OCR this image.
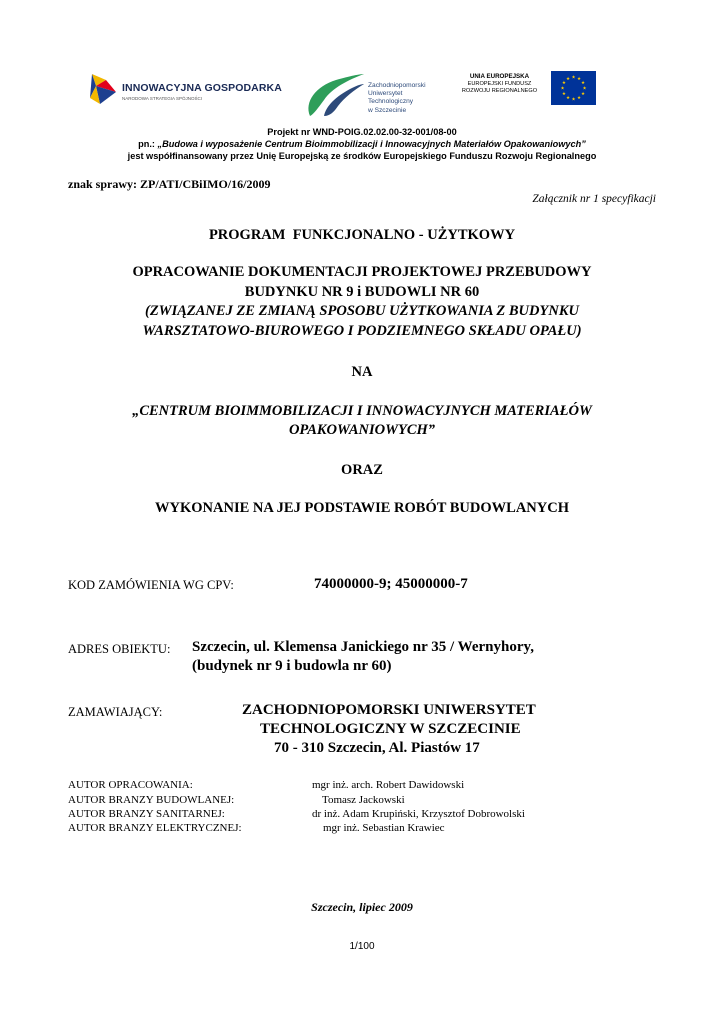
INNOWACYJNA GOSPODARKA
NARODOWA STRATEGIA SPÓJNOŚCI
Zachodniopomorski
Uniwersytet
Technologiczny
w Szczecinie
UNIA EUROPEJSKA
EUROPEJSKI FUNDUSZ
ROZWOJU REGIONALNEGO
★ ★
★
★
★
★
★
★
★
★
★
★
Projekt nr WND-POIG.02.02.00-32-001/08-00
pn.: „Budowa i wyposażenie Centrum Bioimmobilizacji i Innowacyjnych Materiałów Opakowaniowych”
jest współfinansowany przez Unię Europejską ze środków Europejskiego Funduszu Rozwoju Regionalnego
znak sprawy: ZP/ATI/CBiIMO/16/2009
Załącznik nr 1 specyfikacji
PROGRAM  FUNKCJONALNO - UŻYTKOWY
OPRACOWANIE DOKUMENTACJI PROJEKTOWEJ PRZEBUDOWY
BUDYNKU NR 9 i BUDOWLI NR 60
(ZWIĄZANEJ ZE ZMIANĄ SPOSOBU UŻYTKOWANIA Z BUDYNKU
WARSZTATOWO-BIUROWEGO I PODZIEMNEGO SKŁADU OPAŁU)
NA
„CENTRUM BIOIMMOBILIZACJI I INNOWACYJNYCH MATERIAŁÓW
OPAKOWANIOWYCH”
ORAZ
WYKONANIE NA JEJ PODSTAWIE ROBÓT BUDOWLANYCH
KOD ZAMÓWIENIA WG CPV:	74000000-9; 45000000-7
ADRES OBIEKTU: Szczecin, ul. Klemensa Janickiego nr 35 / Wernyhory,
(budynek nr 9 i budowla nr 60)
ZAMAWIAJĄCY:	ZACHODNIOPOMORSKI UNIWERSYTET
TECHNOLOGICZNY W SZCZECINIE
70 - 310 Szczecin, Al. Piastów 17
AUTOR OPRACOWANIA:	mgr inż. arch. Robert Dawidowski
AUTOR BRANZY BUDOWLANEJ:	Tomasz Jackowski
AUTOR BRANZY SANITARNEJ:	dr inż. Adam Krupiński, Krzysztof Dobrowolski
AUTOR BRANZY ELEKTRYCZNEJ:	mgr inż. Sebastian Krawiec
Szczecin, lipiec 2009
1/100
